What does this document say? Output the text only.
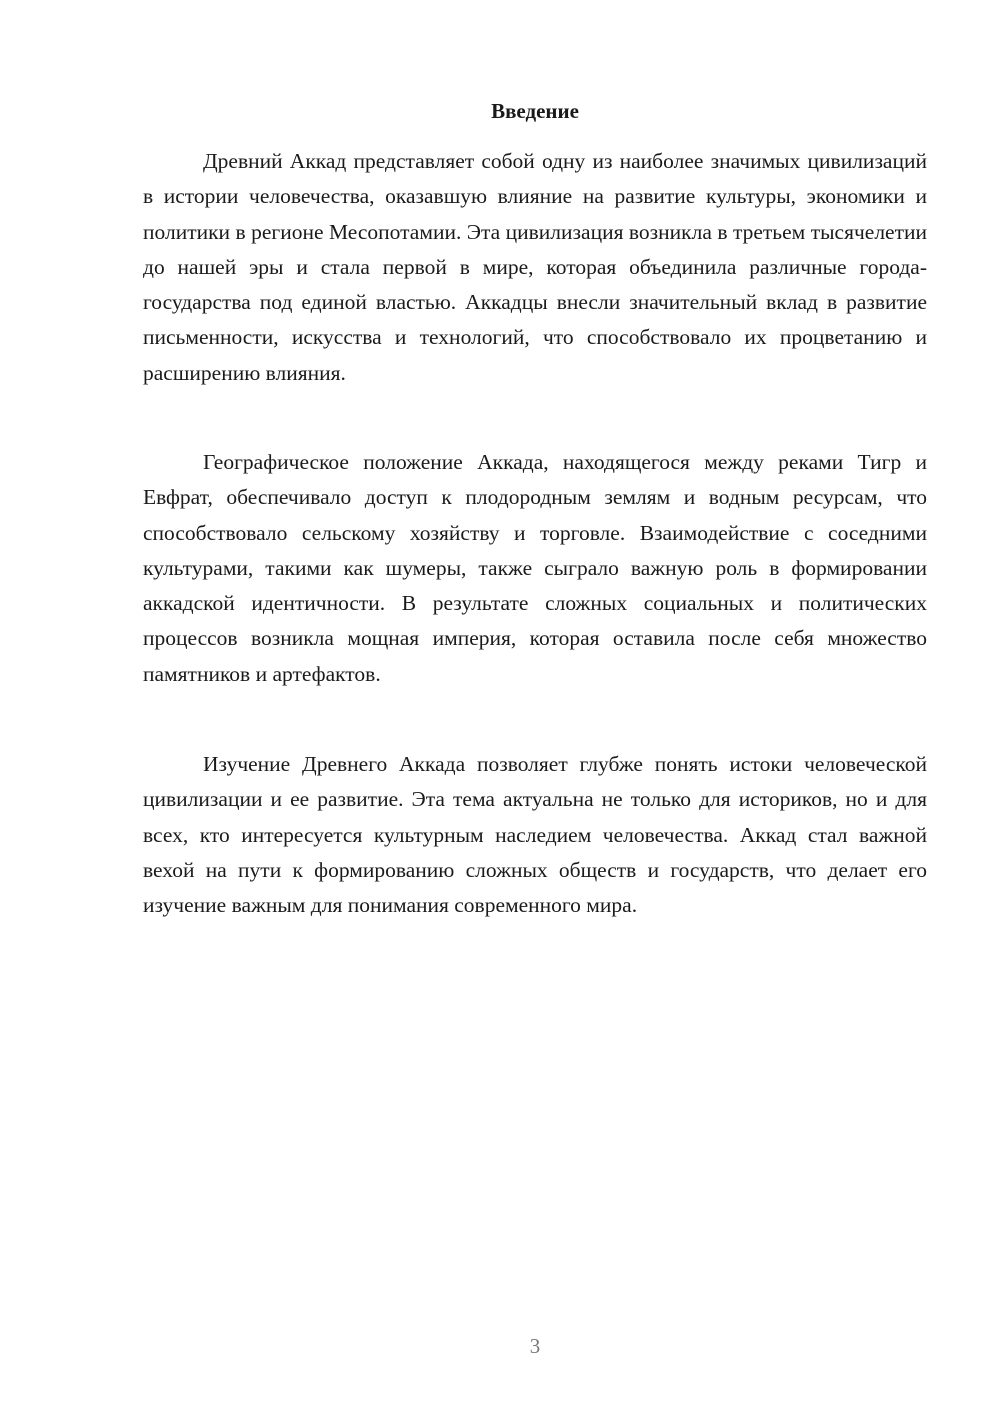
Введение

Древний Аккад представляет собой одну из наиболее значимых цивилизаций в истории человечества, оказавшую влияние на развитие культуры, экономики и политики в регионе Месопотамии. Эта цивилизация возникла в третьем тысячелетии до нашей эры и стала первой в мире, которая объединила различные города-государства под единой властью. Аккадцы внесли значительный вклад в развитие письменности, искусства и технологий, что способствовало их процветанию и расширению влияния.

Географическое положение Аккада, находящегося между реками Тигр и Евфрат, обеспечивало доступ к плодородным землям и водным ресурсам, что способствовало сельскому хозяйству и торговле. Взаимодействие с соседними культурами, такими как шумеры, также сыграло важную роль в формировании аккадской идентичности. В результате сложных социальных и политических процессов возникла мощная империя, которая оставила после себя множество памятников и артефактов.

Изучение Древнего Аккада позволяет глубже понять истоки человеческой цивилизации и ее развитие. Эта тема актуальна не только для историков, но и для всех, кто интересуется культурным наследием человечества. Аккад стал важной вехой на пути к формированию сложных обществ и государств, что делает его изучение важным для понимания современного мира.

3
